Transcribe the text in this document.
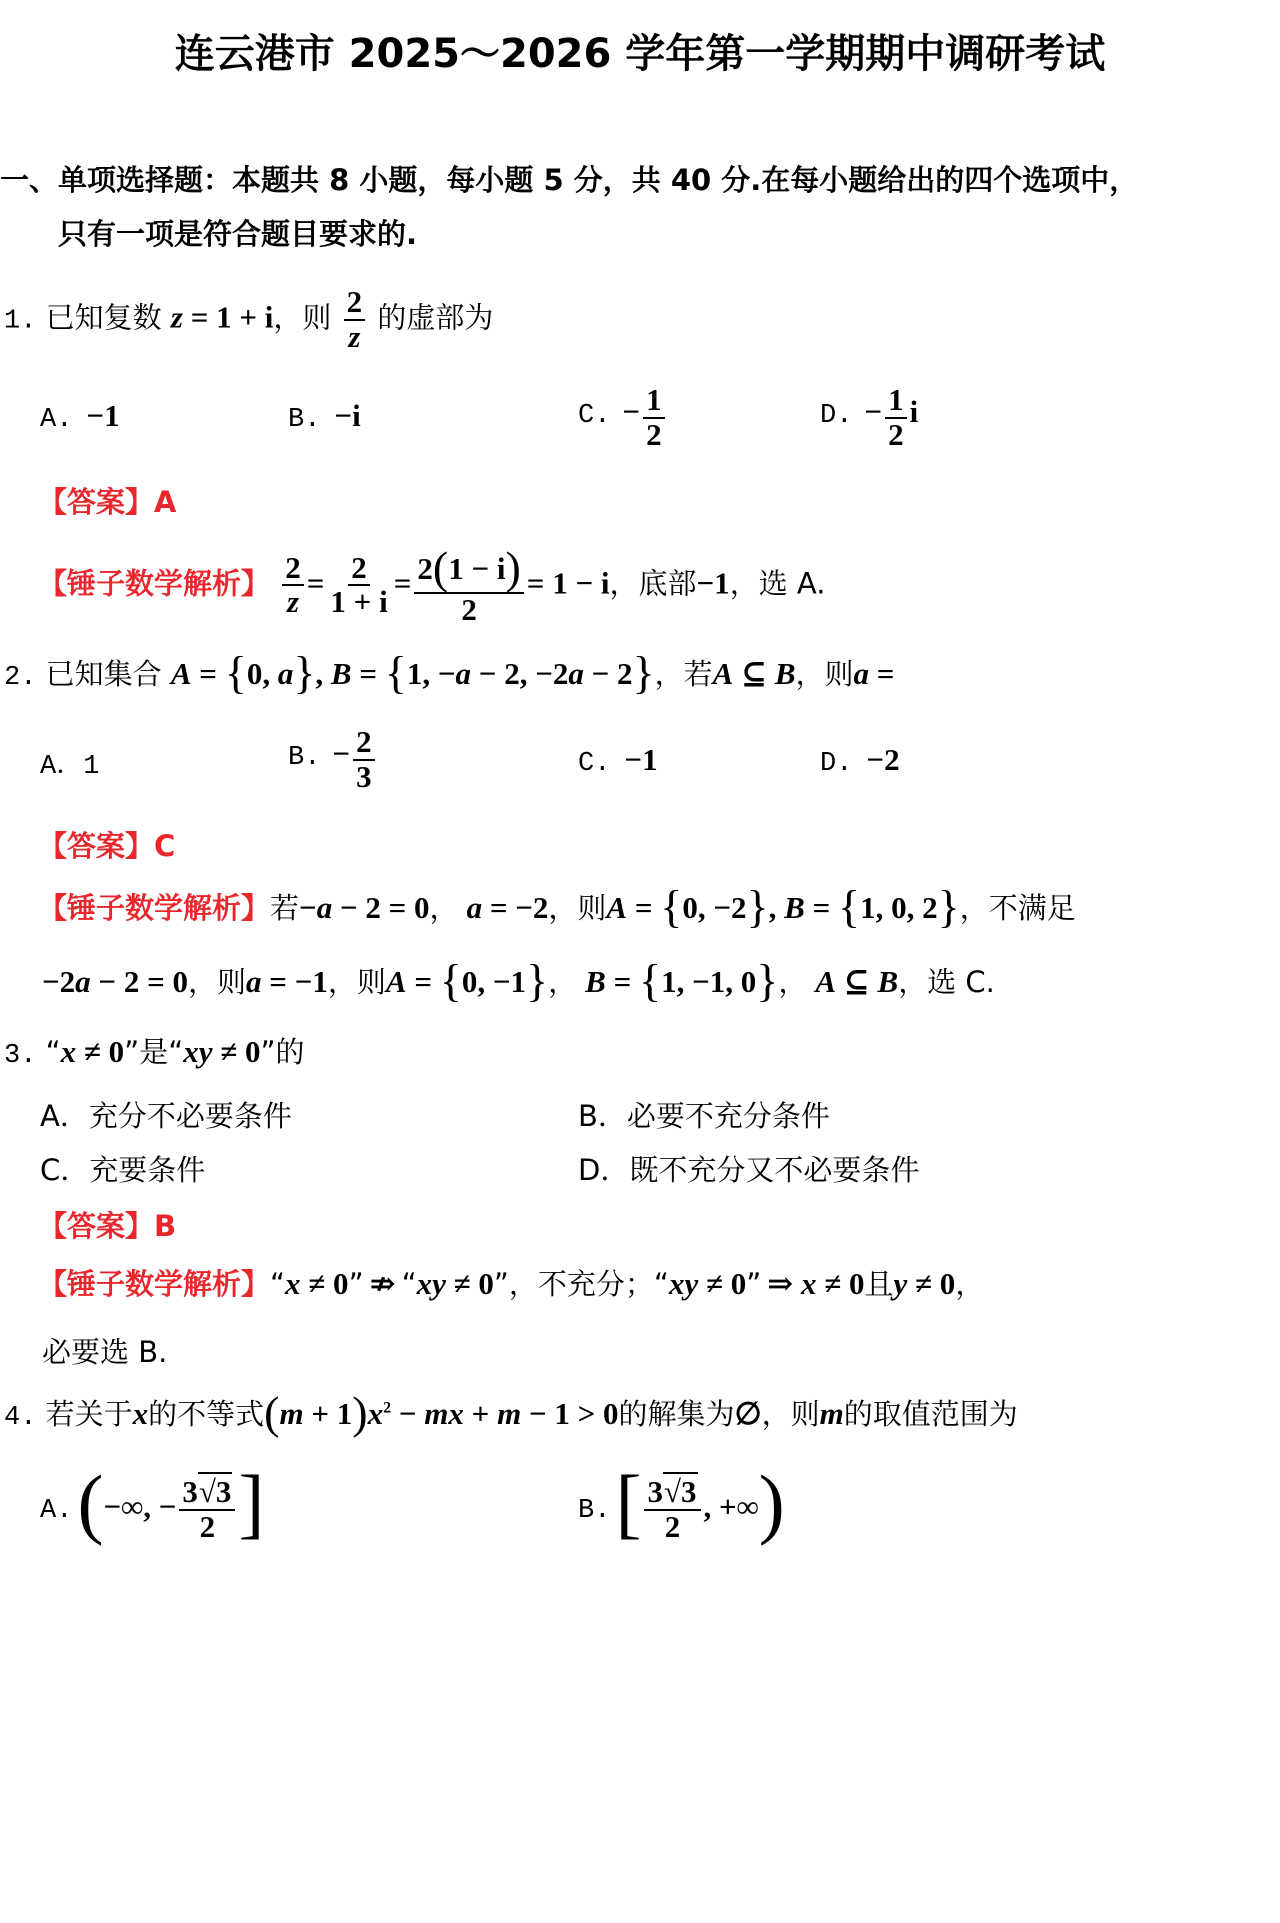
连云港市 2025～2026 学年第一学期期中调研考试
一、单项选择题：本题共 8 小题，每小题 5 分，共 40 分.在每小题给出的四个选项中，
只有一项是符合题目要求的.
1. 已知复数 z = 1 + i，则 $\frac{2}{z}$ 的虚部为
A. −1	B. −i	C. − $\frac{1}{2}$	D. − $\frac{1}{2}$ i
【答案】A
【锤子数学解析】 $\frac{2}{z} = \frac{2}{1 + i} = \frac{2(1 - i)}{2} = 1 - i$，底部−1，选 A.
2. 已知集合 A = {0, a}, B = {1, −a − 2, −2a − 2}，若A ⊆ B，则a =
A．1	B. − $\frac{2}{3}$	C. −1	D. −2
【答案】C
【锤子数学解析】若−a − 2 = 0， a = −2，则A = {0, −2}, B = {1, 0, 2}，不满足
−2a − 2 = 0，则a = −1，则A = {0, −1}， B = {1, −1, 0}， A ⊆ B，选 C.
3. “x ≠ 0”是“xy ≠ 0”的
A．充分不必要条件	B．必要不充分条件
C．充要条件	D．既不充分又不必要条件
【答案】B
【锤子数学解析】“x ≠ 0” ⇏ “xy ≠ 0”，不充分；“xy ≠ 0” ⇒ x ≠ 0且y ≠ 0，
必要选 B.
4. 若关于x的不等式$(m + 1)x^2$ − mx + m − 1 > 0的解集为∅，则m的取值范围为
A. (−∞, − $\frac{3√3}{2}$ ]	B. [ $\frac{3√3}{2}$ , +∞)
